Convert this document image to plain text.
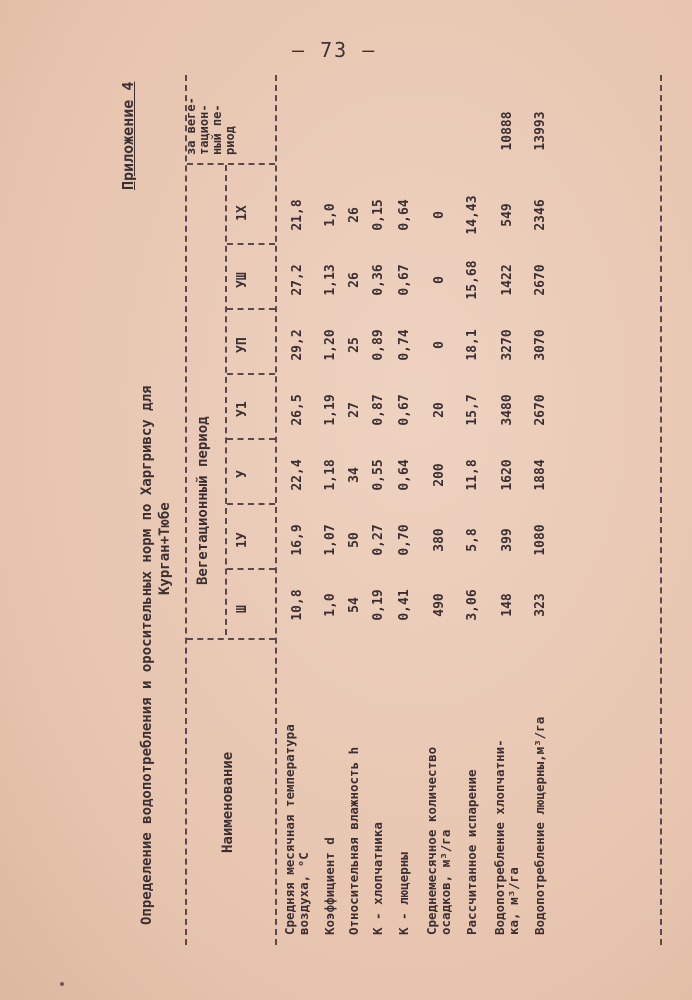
— 73 —
Приложение 4
Определение водопотребления и оросительных норм по Харгривсу для Курган+Тюбе
Наименование
Вегетационный период
Ш
1У
У
У1
УП
УШ
1Х
за веге- тацион- ный пе- риод
Средняя месячная температура воздуха, °С
10,8
16,9
22,4
26,5
29,2
27,2
21,8
Коэффициент d
1,0
1,07
1,18
1,19
1,20
1,13
1,0
Относительная влажность h
54
50
34
27
25
26
26
К - хлопчатника
0,19
0,27
0,55
0,87
0,89
0,36
0,15
К - люцерны
0,41
0,70
0,64
0,67
0,74
0,67
0,64
Среднемесячное количество осадков, м³/га
490
380
200
20
0
0
0
Рассчитанное испарение
3,06
5,8
11,8
15,7
18,1
15,68
14,43
Водопотребление хлопчатни- ка, м³/га
148
399
1620
3480
3270
1422
549
10888
Водопотребление люцерны,м³/га
323
1080
1884
2670
3070
2670
2346
13993
